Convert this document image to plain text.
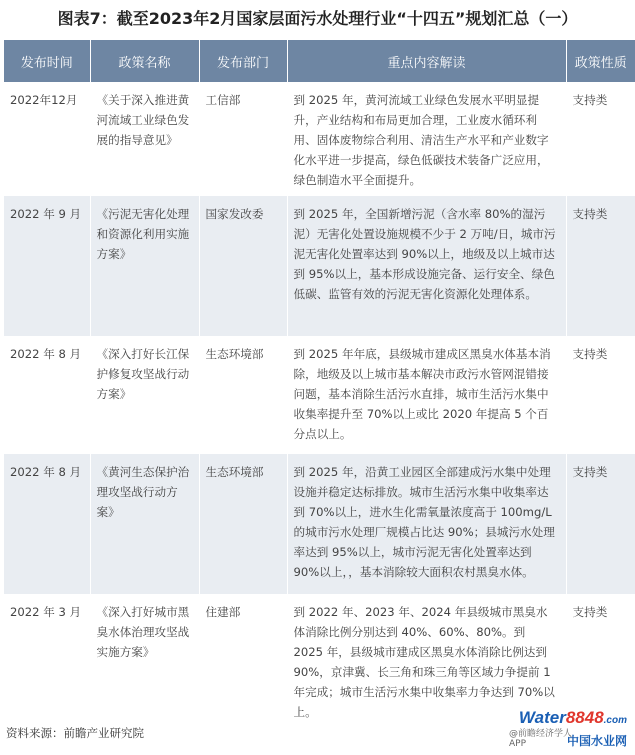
图表7：截至2023年2月国家层面污水处理行业“十四五”规划汇总（一）
发布时间	政策名称	发布部门	重点内容解读	政策性质
2022年12月	《关于深入推进黄河流域工业绿色发展的指导意见》	工信部	到 2025 年，黄河流域工业绿色发展水平明显提升，产业结构和布局更加合理，工业废水循环利用、固体废物综合利用、清洁生产水平和产业数字化水平进一步提高，绿色低碳技术装备广泛应用，绿色制造水平全面提升。	支持类
2022 年 9 月	《污泥无害化处理和资源化利用实施方案》	国家发改委	到 2025 年，全国新增污泥（含水率 80%的湿污泥）无害化处置设施规模不少于 2 万吨/日，城市污泥无害化处置率达到 90%以上，地级及以上城市达到 95%以上，基本形成设施完备、运行安全、绿色低碳、监管有效的污泥无害化资源化处理体系。	支持类
2022 年 8 月	《深入打好长江保护修复攻坚战行动方案》	生态环境部	到 2025 年年底，县级城市建成区黑臭水体基本消除，地级及以上城市基本解决市政污水管网混错接问题，基本消除生活污水直排，城市生活污水集中收集率提升至 70%以上或比 2020 年提高 5 个百分点以上。	支持类
2022 年 8 月	《黄河生态保护治理攻坚战行动方案》	生态环境部	到 2025 年，沿黄工业园区全部建成污水集中处理设施并稳定达标排放。城市生活污水集中收集率达到 70%以上，进水生化需氧量浓度高于 100mg/L 的城市污水处理厂规模占比达 90%；县城污水处理率达到 95%以上，城市污泥无害化处置率达到 90%以上，，基本消除较大面积农村黑臭水体。	支持类
2022 年 3 月	《深入打好城市黑臭水体治理攻坚战实施方案》	住建部	到 2022 年、2023 年、2024 年县级城市黑臭水体消除比例分别达到 40%、60%、80%。到 2025 年，县级城市建成区黑臭水体消除比例达到 90%，京津冀、长三角和珠三角等区域力争提前 1 年完成；城市生活污水集中收集率力争达到 70%以上。	支持类
资料来源：前瞻产业研究院
Water8848.com
@前瞻经济学人APP	中国水业网
